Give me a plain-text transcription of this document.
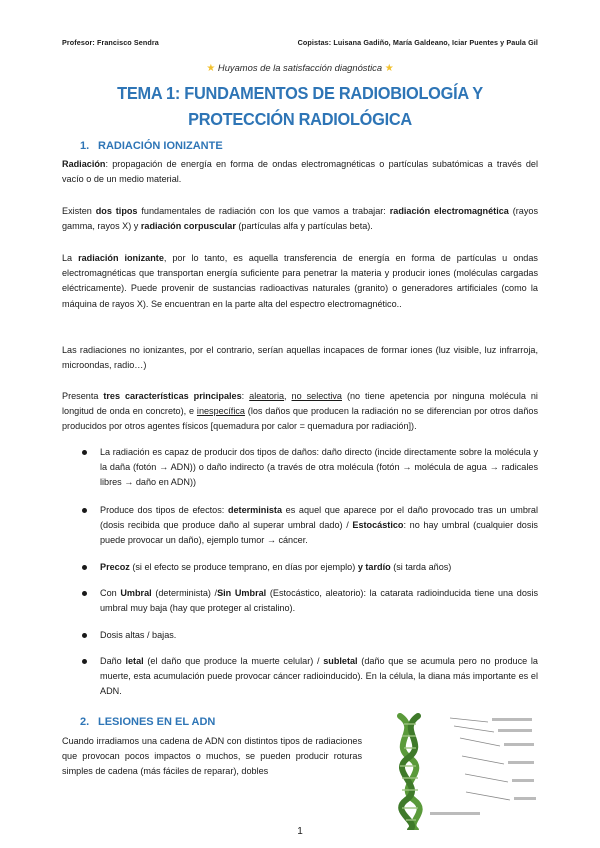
Profesor: Francisco Sendra	Copistas: Luisana Gadiño, María Galdeano, Iciar Puentes y Paula Gil
★ Huyamos de la satisfacción diagnóstica ★
TEMA 1: FUNDAMENTOS DE RADIOBIOLOGÍA Y PROTECCIÓN RADIOLÓGICA
1. RADIACIÓN IONIZANTE
Radiación: propagación de energía en forma de ondas electromagnéticas o partículas subatómicas a través del vacío o de un medio material.
Existen dos tipos fundamentales de radiación con los que vamos a trabajar: radiación electromagnética (rayos gamma, rayos X) y radiación corpuscular (partículas alfa y partículas beta).
La radiación ionizante, por lo tanto, es aquella transferencia de energía en forma de partículas u ondas electromagnéticas que transportan energía suficiente para penetrar la materia y producir iones (moléculas cargadas eléctricamente). Puede provenir de sustancias radioactivas naturales (granito) o generadores artificiales (como la máquina de rayos X). Se encuentran en la parte alta del espectro electromagnético..
Las radiaciones no ionizantes, por el contrario, serían aquellas incapaces de formar iones (luz visible, luz infrarroja, microondas, radio…)
Presenta tres características principales: aleatoria, no selectiva (no tiene apetencia por ninguna molécula ni longitud de onda en concreto), e inespecífica (los daños que producen la radiación no se diferencian por otros daños producidos por otros agentes físicos [quemadura por calor = quemadura por radiación]).
La radiación es capaz de producir dos tipos de daños: daño directo (incide directamente sobre la molécula y la daña (fotón → ADN)) o daño indirecto (a través de otra molécula (fotón → molécula de agua → radicales libres → daño en ADN))
Produce dos tipos de efectos: determinista es aquel que aparece por el daño provocado tras un umbral (dosis recibida que produce daño al superar umbral dado) / Estocástico: no hay umbral (cualquier dosis puede provocar un daño), ejemplo tumor → cáncer.
Precoz (si el efecto se produce temprano, en días por ejemplo) y tardío (si tarda años)
Con Umbral (determinista) /Sin Umbral (Estocástico, aleatorio): la catarata radioinducida tiene una dosis umbral muy baja (hay que proteger al cristalino).
Dosis altas / bajas.
Daño letal (el daño que produce la muerte celular) / subletal (daño que se acumula pero no produce la muerte, esta acumulación puede provocar cáncer radioinducido). En la célula, la diana más importante es el ADN.
2. LESIONES EN EL ADN
Cuando irradiamos una cadena de ADN con distintos tipos de radiaciones que provocan pocos impactos o muchos, se pueden producir roturas simples de cadena (más fáciles de reparar), dobles
1
